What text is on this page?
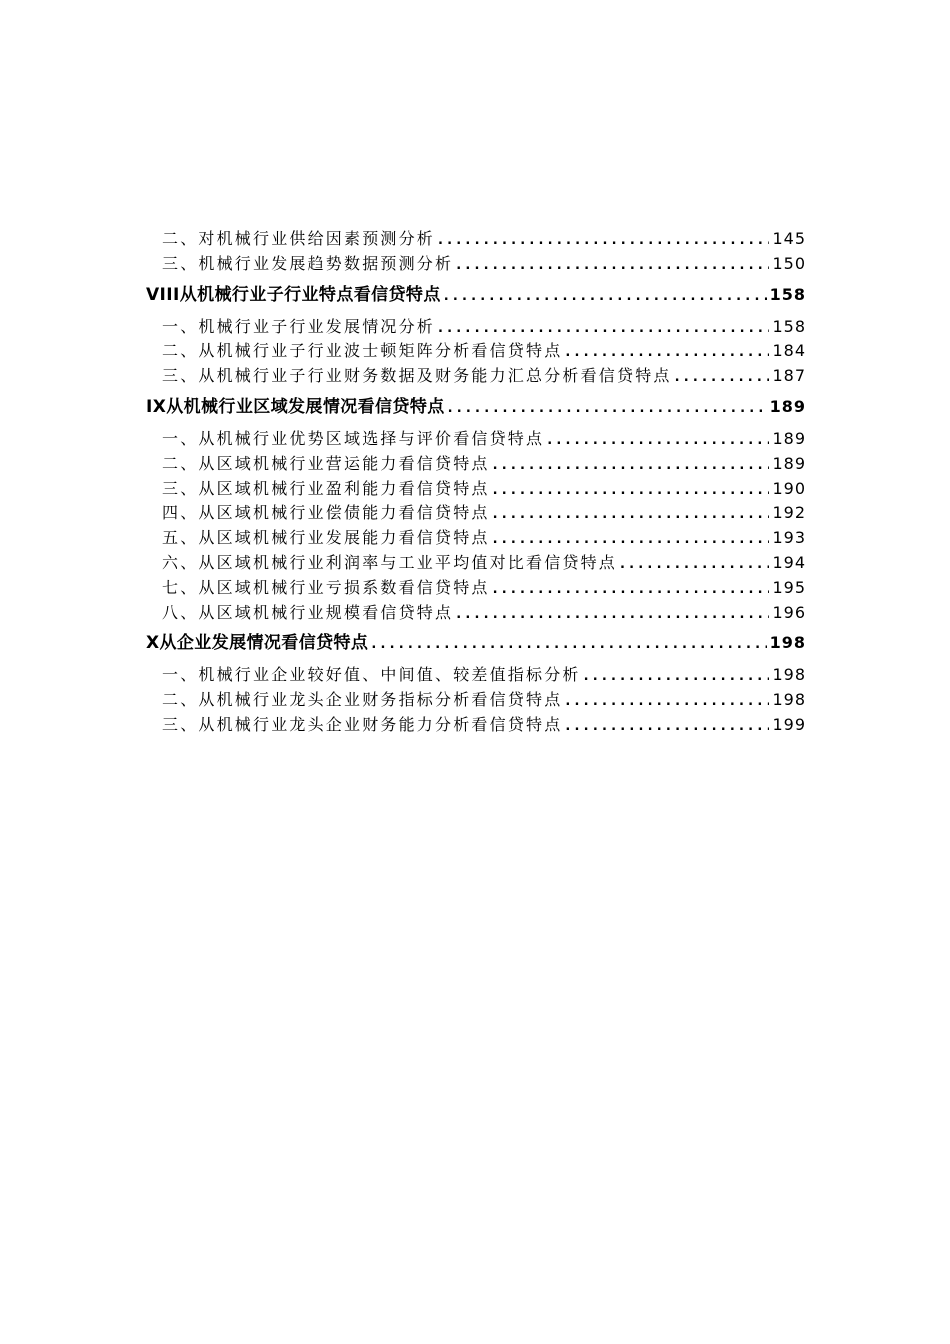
二、对机械行业供给因素预测分析 .....	145
三、机械行业发展趋势数据预测分析 .....	150
VIII从机械行业子行业特点看信贷特点 .....	158
一、机械行业子行业发展情况分析 .....	158
二、从机械行业子行业波士顿矩阵分析看信贷特点 .....	184
三、从机械行业子行业财务数据及财务能力汇总分析看信贷特点 .....	187
IX从机械行业区域发展情况看信贷特点 .....	189
一、从机械行业优势区域选择与评价看信贷特点 .....	189
二、从区域机械行业营运能力看信贷特点 .....	189
三、从区域机械行业盈利能力看信贷特点 .....	190
四、从区域机械行业偿债能力看信贷特点 .....	192
五、从区域机械行业发展能力看信贷特点 .....	193
六、从区域机械行业利润率与工业平均值对比看信贷特点 .....	194
七、从区域机械行业亏损系数看信贷特点 .....	195
八、从区域机械行业规模看信贷特点 .....	196
X从企业发展情况看信贷特点 .....	198
一、机械行业企业较好值、中间值、较差值指标分析 .....	198
二、从机械行业龙头企业财务指标分析看信贷特点 .....	198
三、从机械行业龙头企业财务能力分析看信贷特点 .....	199
